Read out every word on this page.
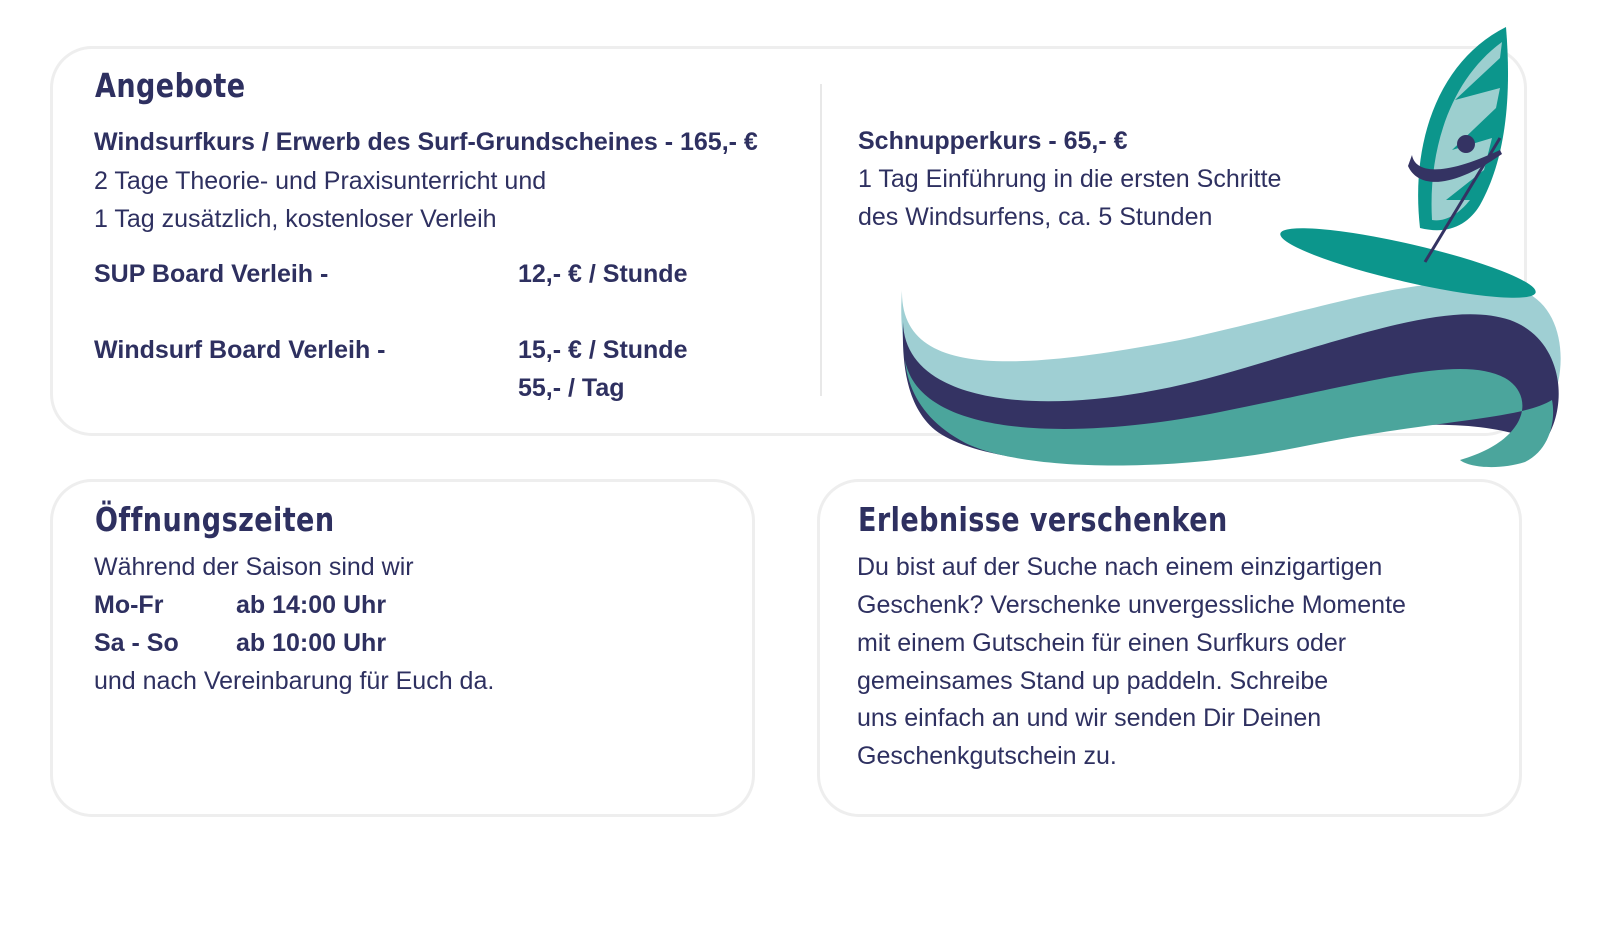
Angebote
Windsurfkurs / Erwerb des Surf-Grundscheines - 165,- €
2 Tage Theorie- und Praxisunterricht und
1 Tag zusätzlich, kostenloser Verleih
SUP Board Verleih -	12,- € / Stunde
Windsurf Board Verleih -	15,- € / Stunde
55,- / Tag
Schnupperkurs - 65,- €
1 Tag Einführung in die ersten Schritte
des Windsurfens, ca. 5 Stunden
Öffnungszeiten
Während der Saison sind wir
Mo-Fr	ab 14:00 Uhr
Sa - So ab 10:00 Uhr
und nach Vereinbarung für Euch da.
Erlebnisse verschenken
Du bist auf der Suche nach einem einzigartigen
Geschenk? Verschenke unvergessliche Momente
mit einem Gutschein für einen Surfkurs oder
gemeinsames Stand up paddeln. Schreibe
uns einfach an und wir senden Dir Deinen
Geschenkgutschein zu.
